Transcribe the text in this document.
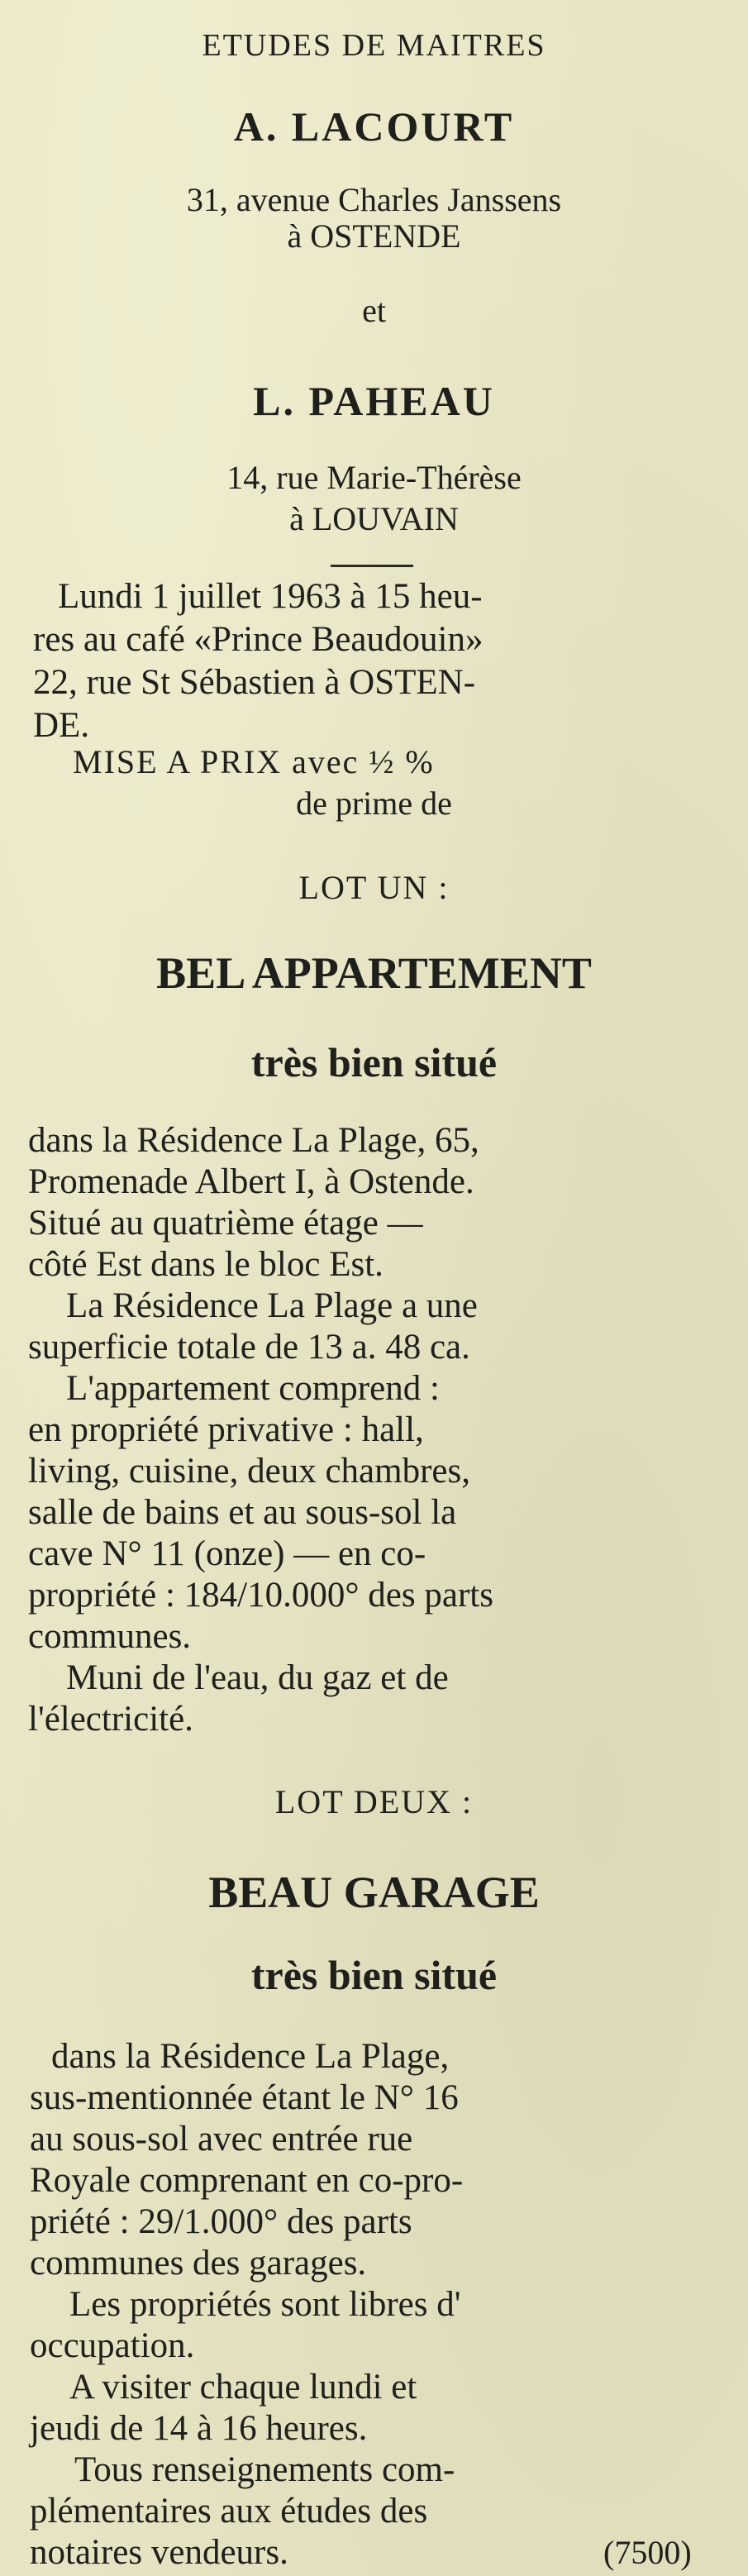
ETUDES DE MAITRES
A. LACOURT
31, avenue Charles Janssens
à OSTENDE
et
L. PAHEAU
14, rue Marie-Thérèse
à LOUVAIN
Lundi 1 juillet 1963 à 15 heu-
res au café «Prince Beaudouin»
22, rue St Sébastien à OSTEN-
DE.
MISE A PRIX avec ½ %
de prime de
LOT UN :
BEL APPARTEMENT
très bien situé
dans la Résidence La Plage, 65,
Promenade Albert I, à Ostende.
Situé au quatrième étage —
côté Est dans le bloc Est.
La Résidence La Plage a une
superficie totale de 13 a. 48 ca.
L'appartement comprend :
en propriété privative : hall,
living, cuisine, deux chambres,
salle de bains et au sous-sol la
cave N° 11 (onze) — en co-
propriété : 184/10.000° des parts
communes.
Muni de l'eau, du gaz et de
l'électricité.
LOT DEUX :
BEAU GARAGE
très bien situé
dans la Résidence La Plage,
sus-mentionnée étant le N° 16
au sous-sol avec entrée rue
Royale comprenant en co-pro-
priété : 29/1.000° des parts
communes des garages.
Les propriétés sont libres d'
occupation.
A visiter chaque lundi et
jeudi de 14 à 16 heures.
Tous renseignements com-
plémentaires aux études des
notaires vendeurs.	(7500)
